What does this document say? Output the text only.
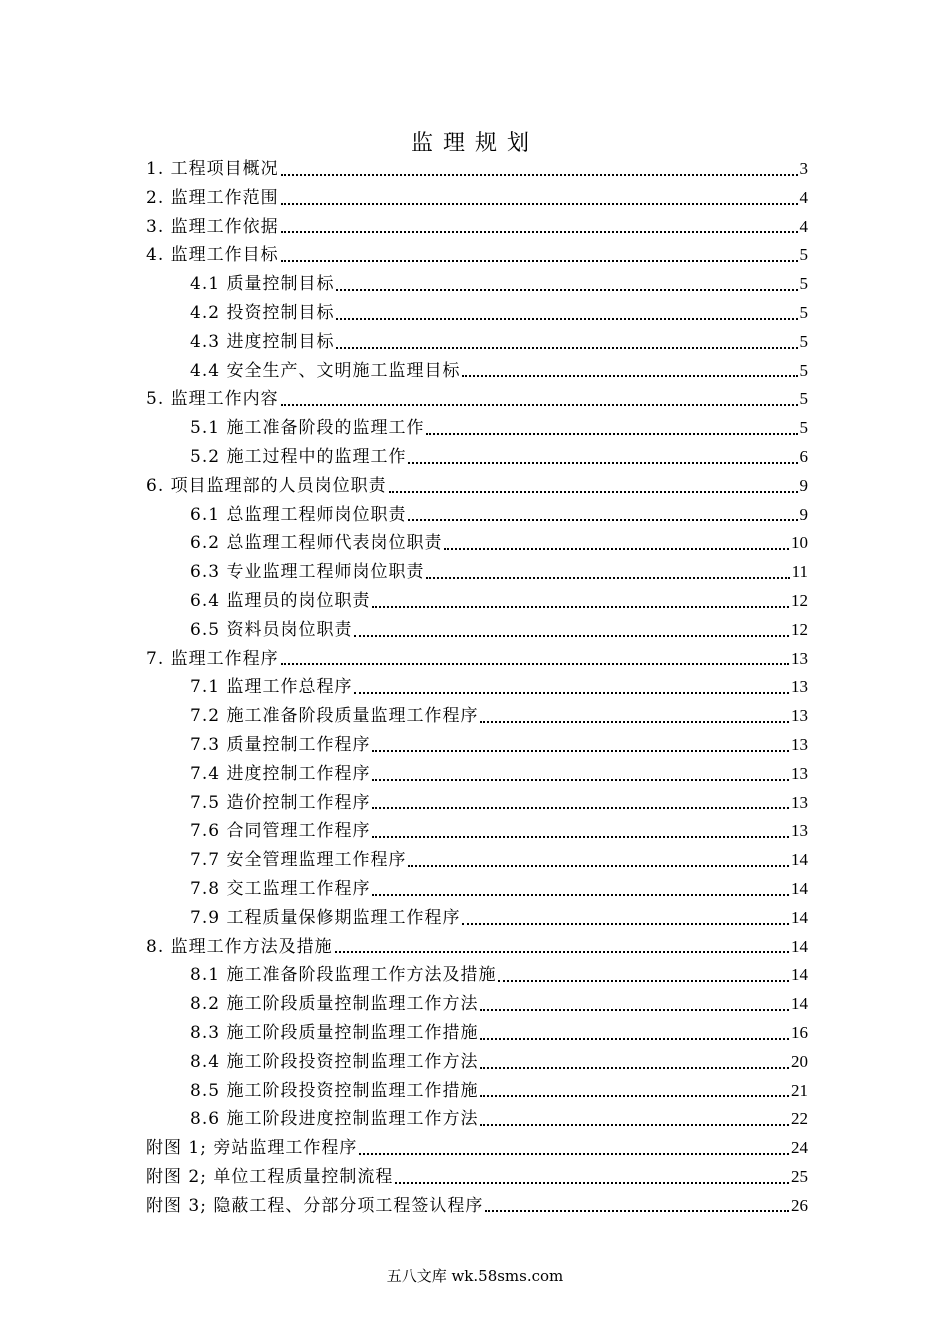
监理规划
1. 工程项目概况	3
2. 监理工作范围	4
3. 监理工作依据	4
4. 监理工作目标	5
4.1 质量控制目标	5
4.2 投资控制目标	5
4.3 进度控制目标	5
4.4 安全生产、文明施工监理目标	5
5. 监理工作内容	5
5.1 施工准备阶段的监理工作	5
5.2 施工过程中的监理工作	6
6. 项目监理部的人员岗位职责	9
6.1 总监理工程师岗位职责	9
6.2 总监理工程师代表岗位职责	10
6.3 专业监理工程师岗位职责	11
6.4 监理员的岗位职责	12
6.5 资料员岗位职责	12
7. 监理工作程序	13
7.1 监理工作总程序	13
7.2 施工准备阶段质量监理工作程序	13
7.3 质量控制工作程序	13
7.4 进度控制工作程序	13
7.5 造价控制工作程序	13
7.6 合同管理工作程序	13
7.7 安全管理监理工作程序	14
7.8 交工监理工作程序	14
7.9 工程质量保修期监理工作程序	14
8. 监理工作方法及措施	14
8.1 施工准备阶段监理工作方法及措施	14
8.2 施工阶段质量控制监理工作方法	14
8.3 施工阶段质量控制监理工作措施	16
8.4 施工阶段投资控制监理工作方法	20
8.5 施工阶段投资控制监理工作措施	21
8.6 施工阶段进度控制监理工作方法	22
附图 1; 旁站监理工作程序	24
附图 2; 单位工程质量控制流程	25
附图 3; 隐蔽工程、分部分项工程签认程序	26
五八文库 wk.58sms.com
